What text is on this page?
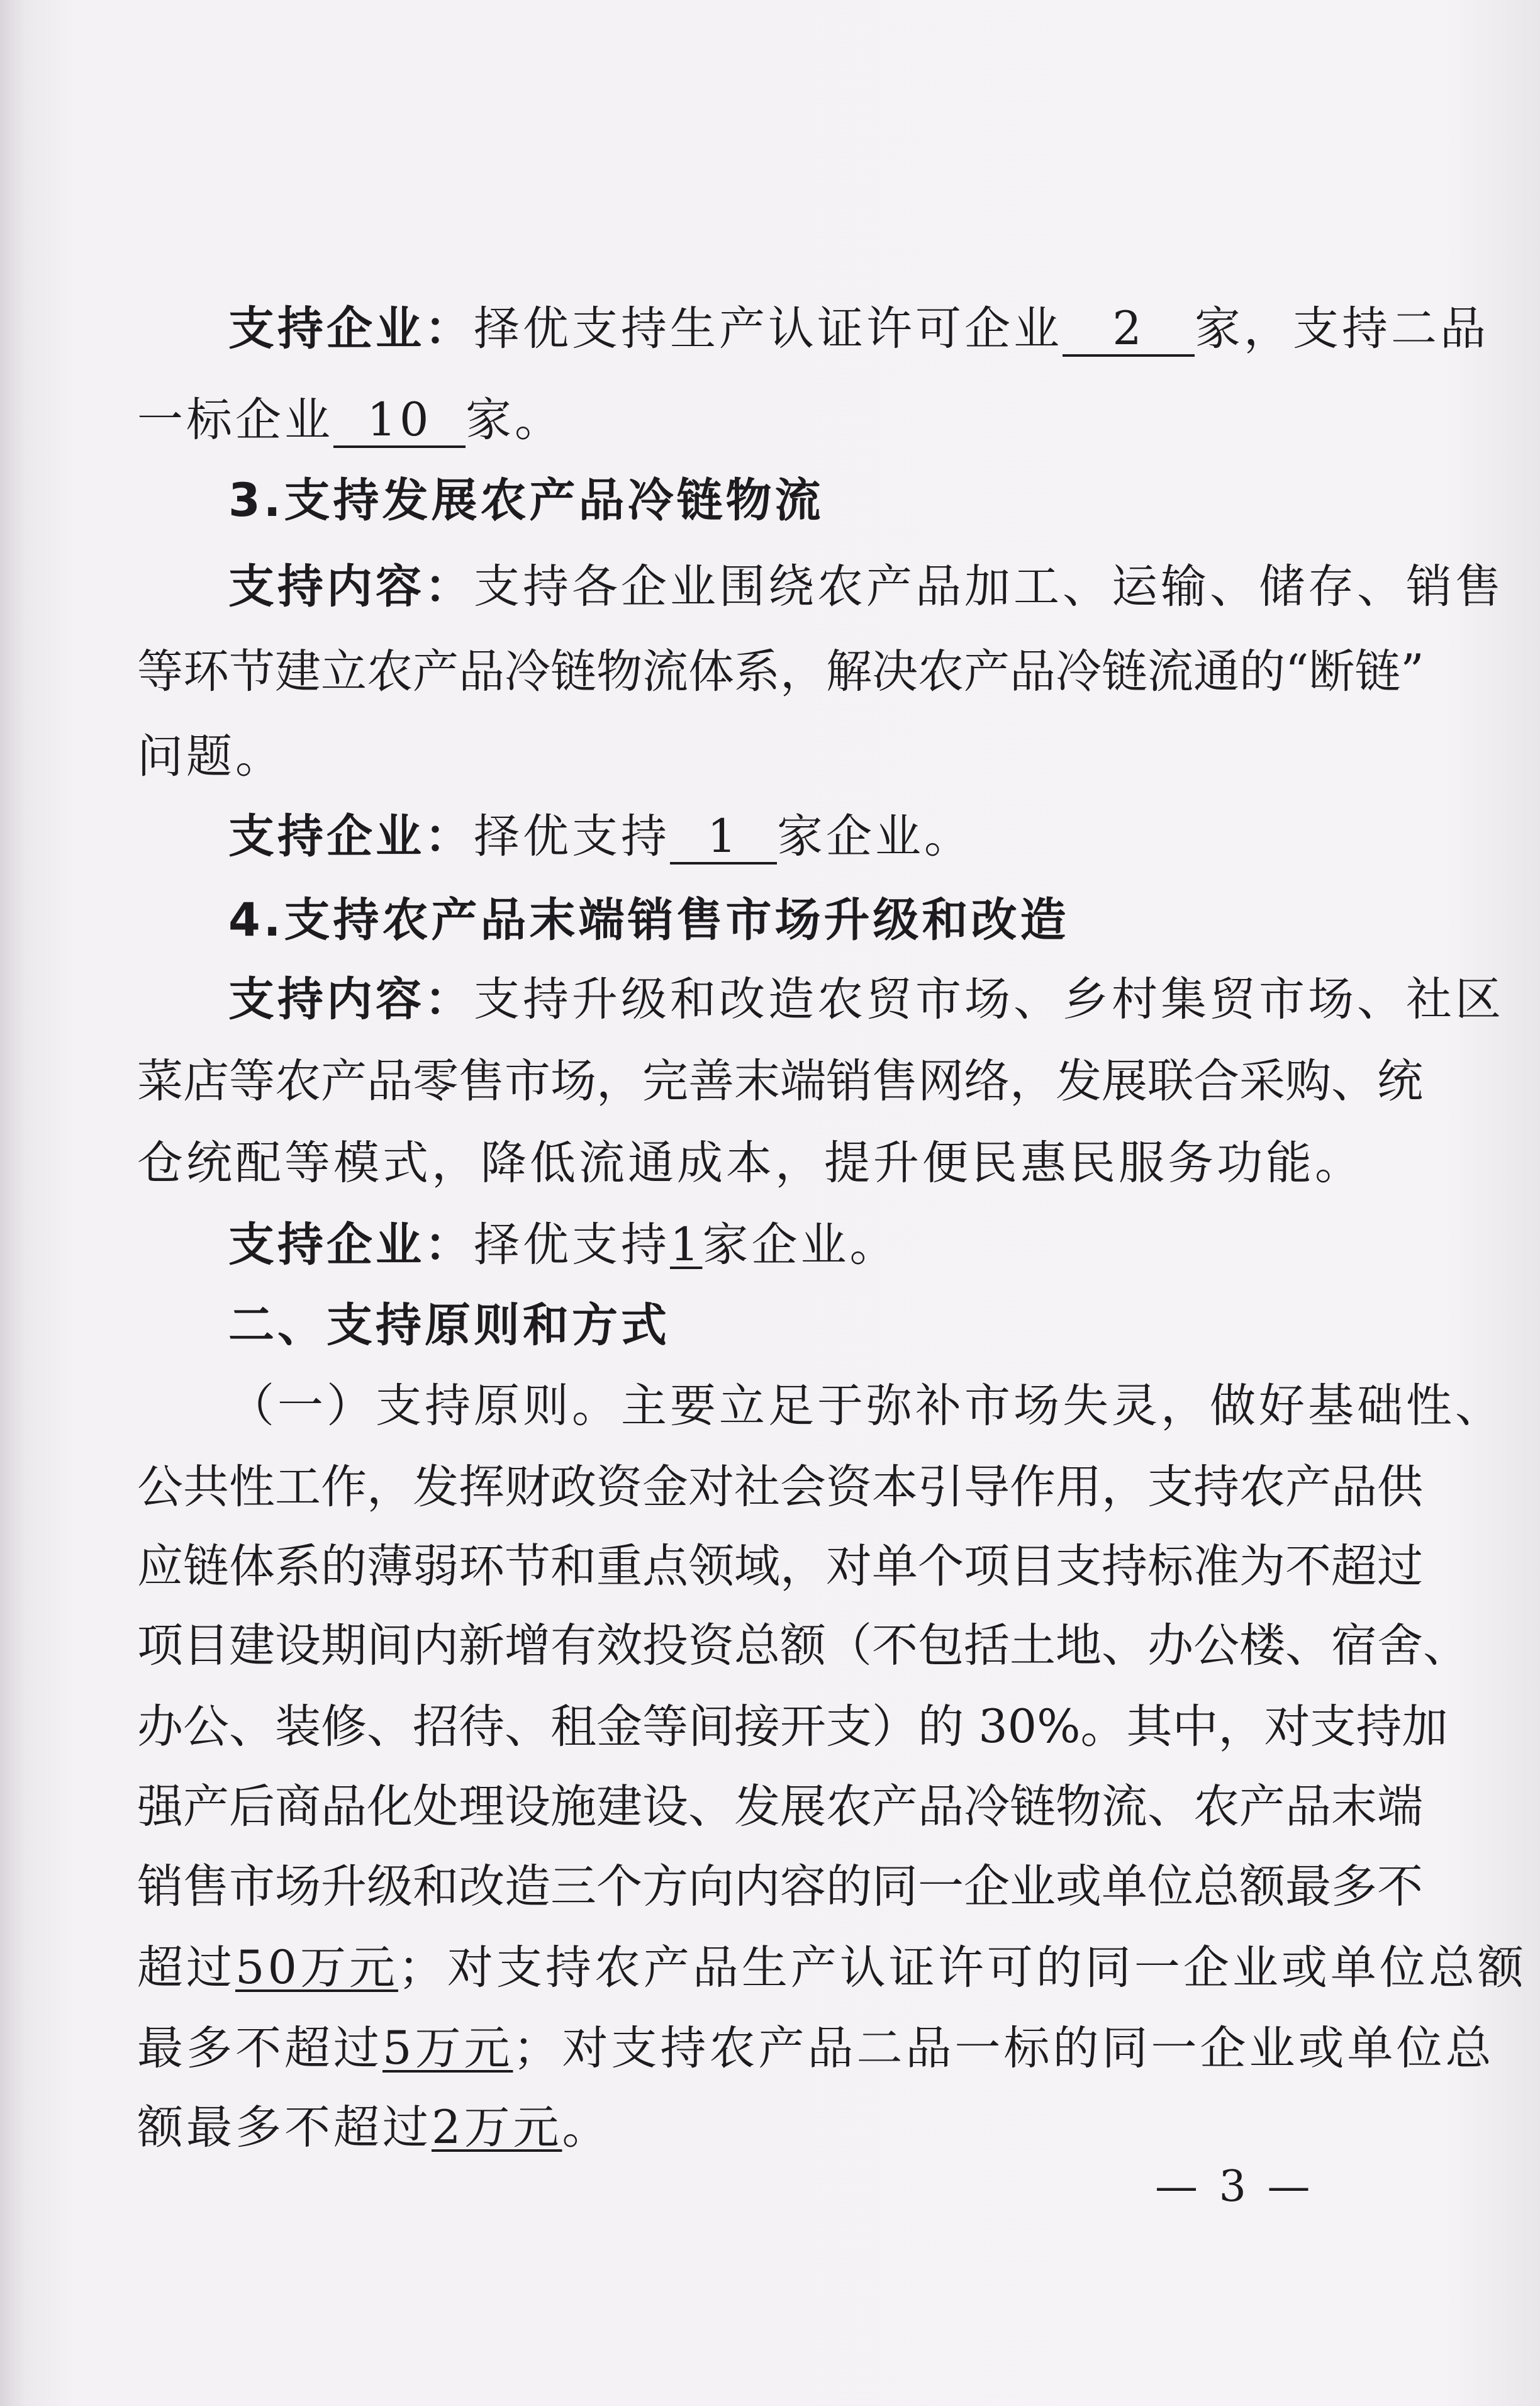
支持企业：择优支持生产认证许可企业 2 家，支持二品
一标企业 10 家。
3.支持发展农产品冷链物流
支持内容：支持各企业围绕农产品加工、运输、储存、销售
等环节建立农产品冷链物流体系，解决农产品冷链流通的“断链”
问题。
支持企业：择优支持 1 家企业。
4.支持农产品末端销售市场升级和改造
支持内容：支持升级和改造农贸市场、乡村集贸市场、社区
菜店等农产品零售市场，完善末端销售网络，发展联合采购、统
仓统配等模式，降低流通成本，提升便民惠民服务功能。
支持企业：择优支持1家企业。
二、支持原则和方式
（一）支持原则。主要立足于弥补市场失灵，做好基础性、
公共性工作，发挥财政资金对社会资本引导作用，支持农产品供
应链体系的薄弱环节和重点领域，对单个项目支持标准为不超过
项目建设期间内新增有效投资总额（不包括土地、办公楼、宿舍、
办公、装修、招待、租金等间接开支）的 30%。其中，对支持加
强产后商品化处理设施建设、发展农产品冷链物流、农产品末端
销售市场升级和改造三个方向内容的同一企业或单位总额最多不
超过50万元；对支持农产品生产认证许可的同一企业或单位总额
最多不超过5万元；对支持农产品二品一标的同一企业或单位总
额最多不超过2万元。
— 3 —
